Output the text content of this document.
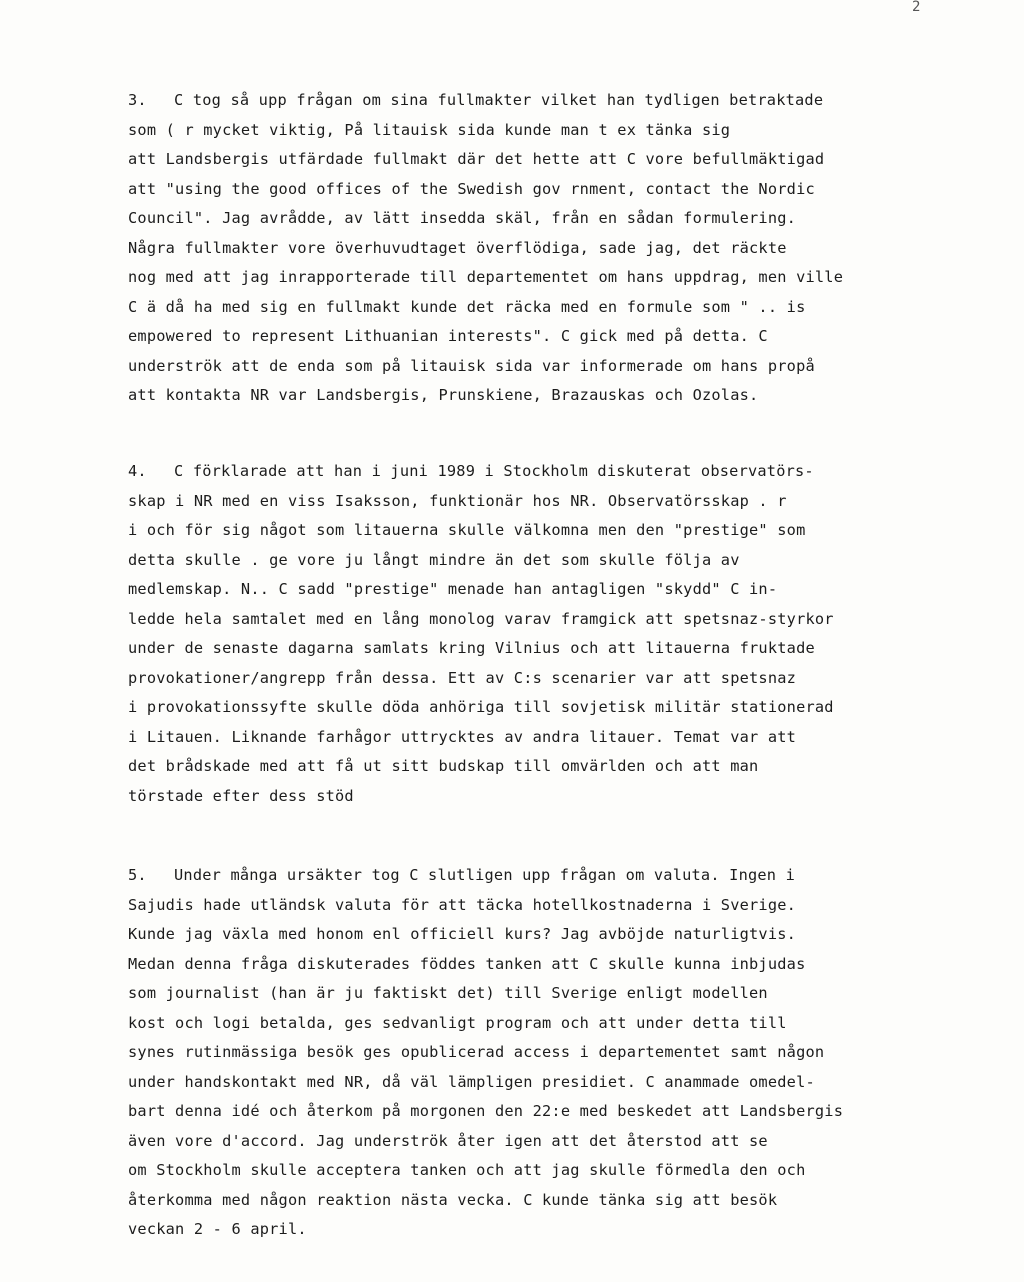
2
3. C tog så upp frågan om sina fullmakter vilket han tydligen betraktade
som ( r mycket viktig, På litauisk sida kunde man t ex tänka sig
att Landsbergis utfärdade fullmakt där det hette att C vore befullmäktigad
att "using the good offices of the Swedish gov rnment, contact the Nordic
Council". Jag avrådde, av lätt insedda skäl, från en sådan formulering.
Några fullmakter vore överhuvudtaget överflödiga, sade jag, det räckte
nog med att jag inrapporterade till departementet om hans uppdrag, men ville
C ä då ha med sig en fullmakt kunde det räcka med en formule som " .. is
empowered to represent Lithuanian interests". C gick med på detta. C
underströk att de enda som på litauisk sida var informerade om hans propå
att kontakta NR var Landsbergis, Prunskiene, Brazauskas och Ozolas.
4. C förklarade att han i juni 1989 i Stockholm diskuterat observatörs-
skap i NR med en viss Isaksson, funktionär hos NR. Observatörsskap . r
i och för sig något som litauerna skulle välkomna men den "prestige" som
detta skulle . ge vore ju långt mindre än det som skulle följa av
medlemskap. N.. C sadd "prestige" menade han antagligen "skydd" C in-
ledde hela samtalet med en lång monolog varav framgick att spetsnaz-styrkor
under de senaste dagarna samlats kring Vilnius och att litauerna fruktade
provokationer/angrepp från dessa. Ett av C:s scenarier var att spetsnaz
i provokationssyfte skulle döda anhöriga till sovjetisk militär stationerad
i Litauen. Liknande farhågor uttrycktes av andra litauer. Temat var att
det brådskade med att få ut sitt budskap till omvärlden och att man
törstade efter dess stöd
5. Under många ursäkter tog C slutligen upp frågan om valuta. Ingen i
Sajudis hade utländsk valuta för att täcka hotellkostnaderna i Sverige.
Kunde jag växla med honom enl officiell kurs? Jag avböjde naturligtvis.
Medan denna fråga diskuterades föddes tanken att C skulle kunna inbjudas
som journalist (han är ju faktiskt det) till Sverige enligt modellen
kost och logi betalda, ges sedvanligt program och att under detta till
synes rutinmässiga besök ges opublicerad access i departementet samt någon
under handskontakt med NR, då väl lämpligen presidiet. C anammade omedel-
bart denna idé och återkom på morgonen den 22:e med beskedet att Landsbergis
även vore d'accord. Jag underströk åter igen att det återstod att se
om Stockholm skulle acceptera tanken och att jag skulle förmedla den och
återkomma med någon reaktion nästa vecka. C kunde tänka sig att besök
veckan 2 - 6 april.
